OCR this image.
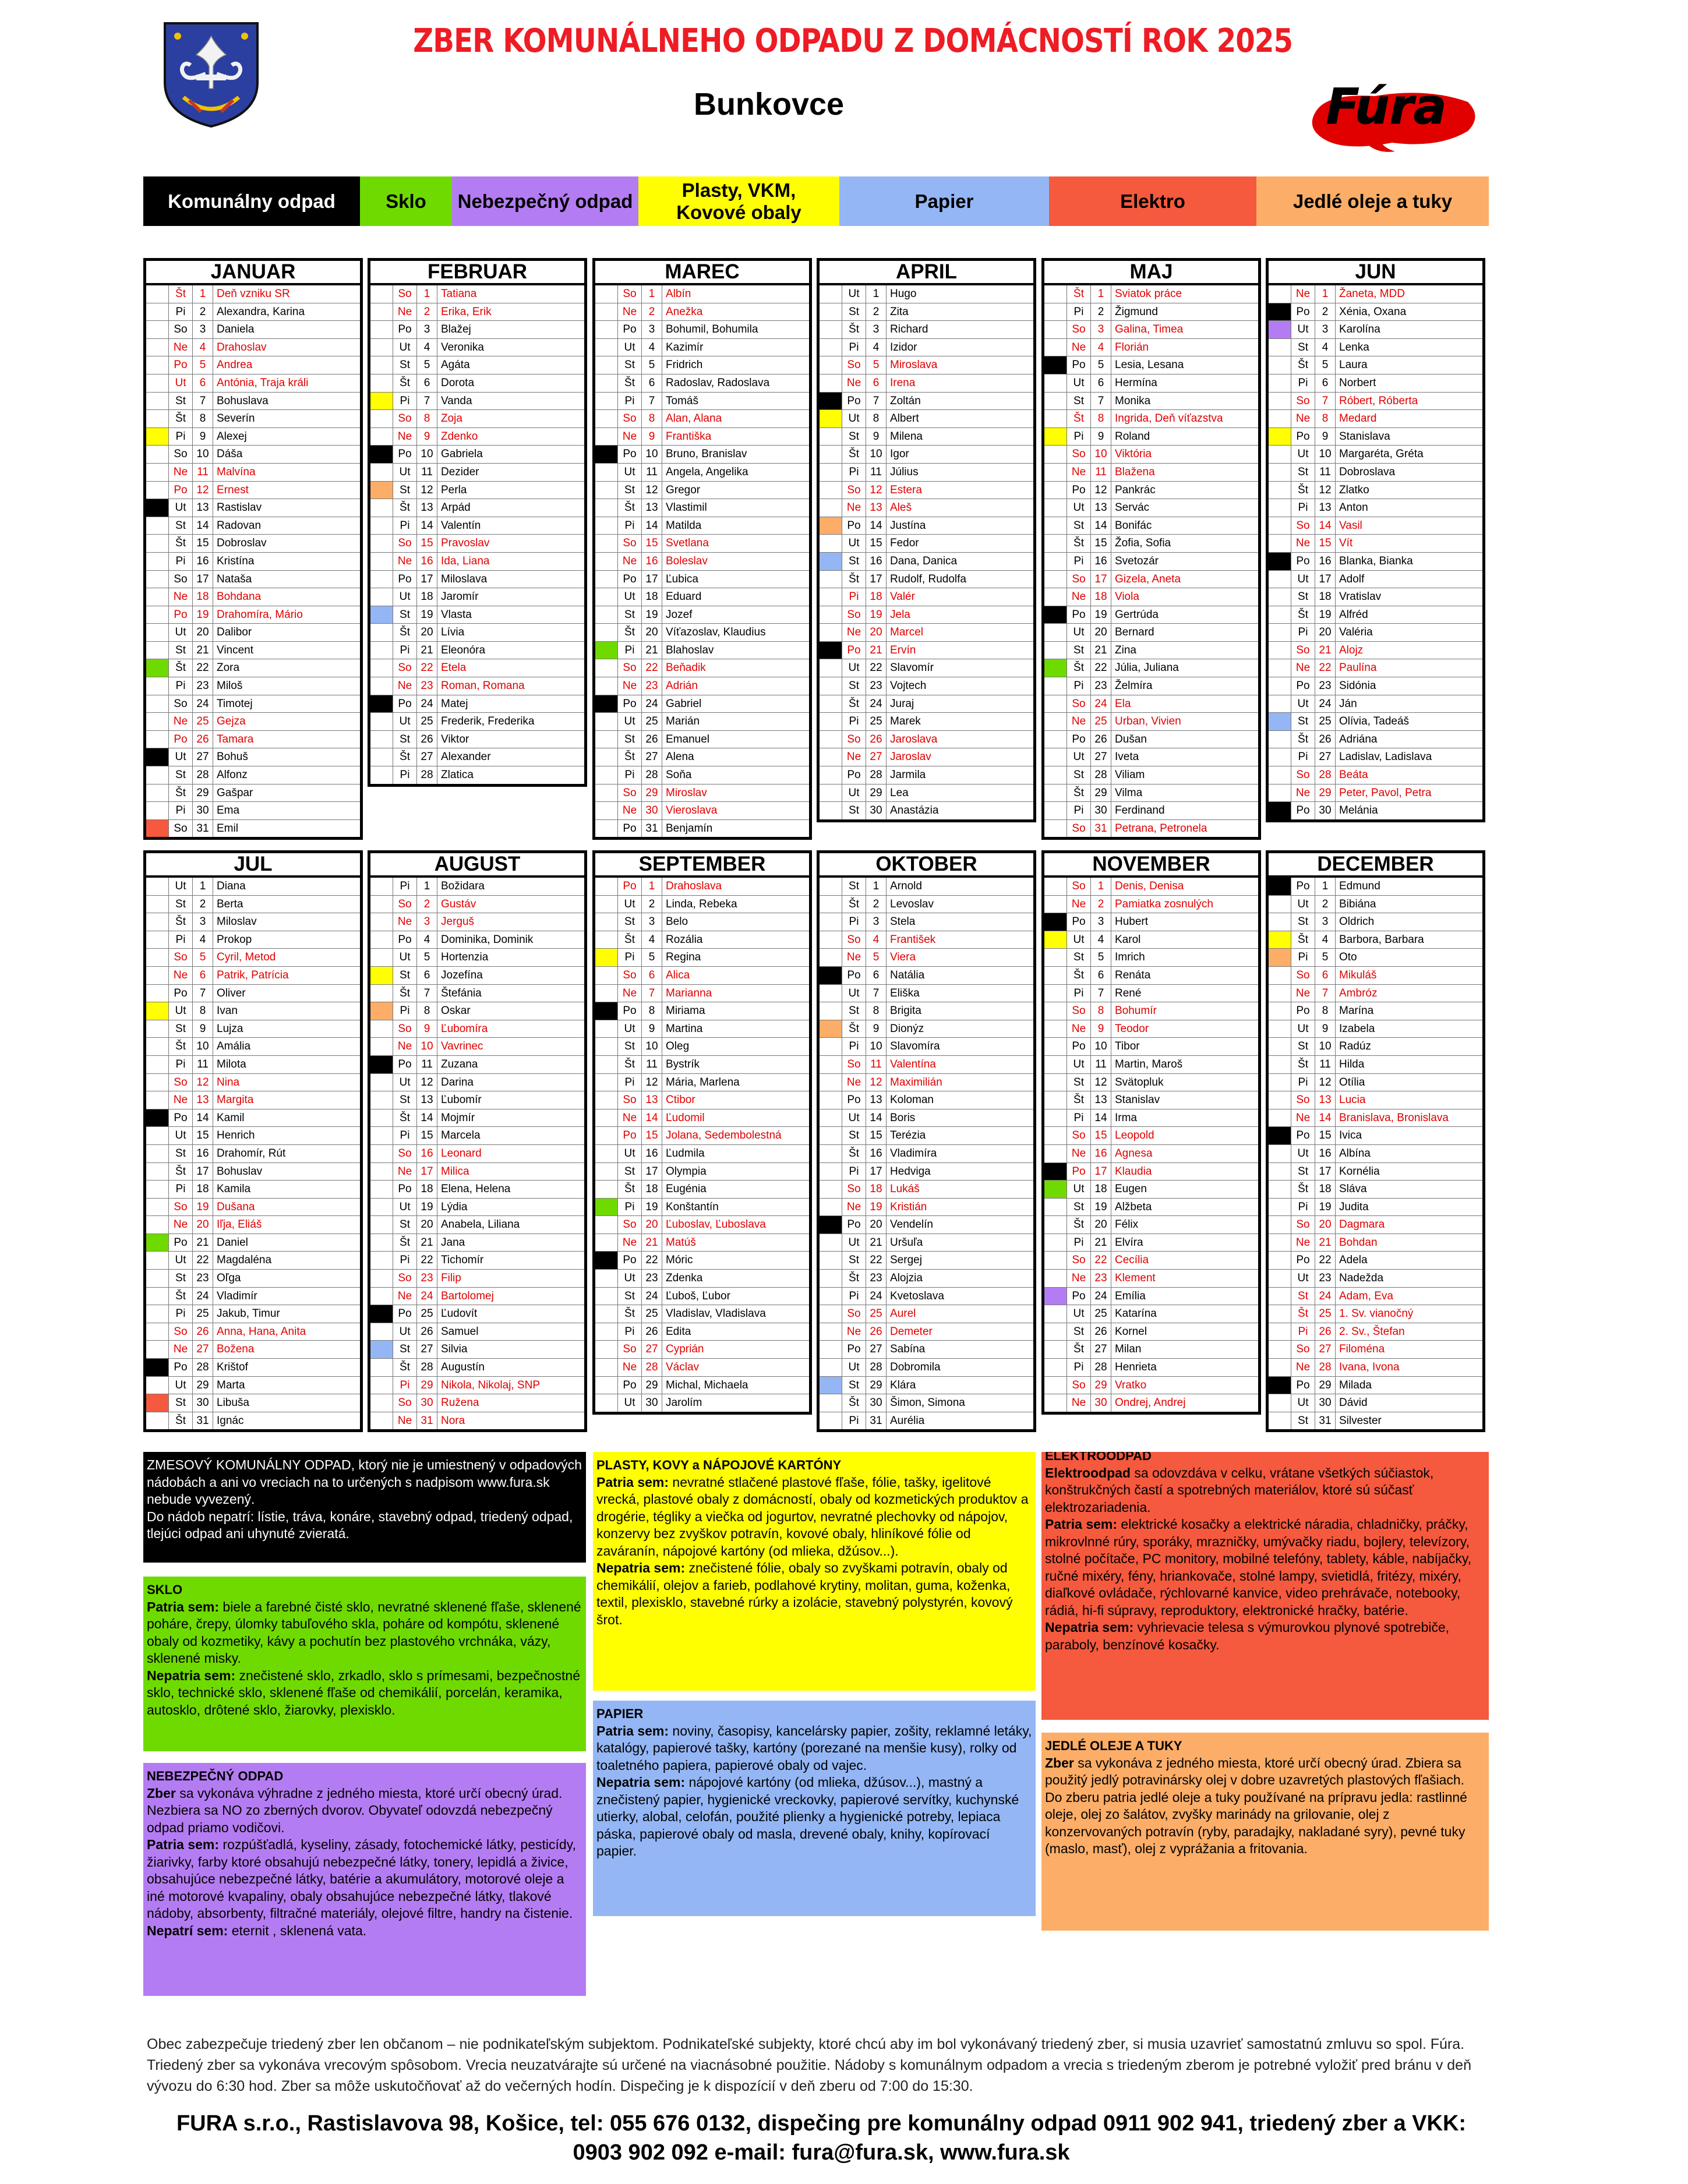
ZBER KOMUNÁLNEHO ODPADU Z DOMÁCNOSTÍ ROK 2025
Bunkovce	Fúra
Komunálny odpad	Sklo	Nebezpečný odpad
Plasty, VKM,
Kovové obaly
Papier	Elektro	Jedlé oleje a tuky
JANUAR
Št	1 Deň vzniku SR
Pi	2 Alexandra, Karina
So	3 Daniela
Ne	4 Drahoslav
Po	5 Andrea
Ut	6 Antónia, Traja králi
St	7 Bohuslava
Št	8 Severín
Pi	9 Alexej
So 10 Dáša
Ne 11 Malvína
Po 12 Ernest
Ut 13 Rastislav
St 14 Radovan
Št 15 Dobroslav
Pi 16 Kristína
So 17 Nataša
Ne 18 Bohdana
Po 19 Drahomíra, Mário
Ut 20 Dalibor
St 21 Vincent
Št 22 Zora
Pi 23 Miloš
So 24 Timotej
Ne 25 Gejza
Po 26 Tamara
Ut 27 Bohuš
St 28 Alfonz
Št 29 Gašpar
Pi 30 Ema
So 31 Emil
FEBRUAR
So	1 Tatiana
Ne	2 Erika, Erik
Po	3 Blažej
Ut	4 Veronika
St	5 Agáta
Št	6 Dorota
Pi	7 Vanda
So	8 Zoja
Ne	9 Zdenko
Po 10 Gabriela
Ut 11 Dezider
St 12 Perla
Št 13 Arpád
Pi 14 Valentín
So 15 Pravoslav
Ne 16 Ida, Liana
Po 17 Miloslava
Ut 18 Jaromír
St 19 Vlasta
Št 20 Lívia
Pi 21 Eleonóra
So 22 Etela
Ne 23 Roman, Romana
Po 24 Matej
Ut 25 Frederik, Frederika
St 26 Viktor
Št 27 Alexander
Pi 28 Zlatica
MAREC
So	1 Albín
Ne	2 Anežka
Po	3 Bohumil, Bohumila
Ut	4 Kazimír
St	5 Fridrich
Št	6 Radoslav, Radoslava
Pi	7 Tomáš
So	8 Alan, Alana
Ne	9 Františka
Po 10 Bruno, Branislav
Ut 11 Angela, Angelika
St 12 Gregor
Št 13 Vlastimil
Pi 14 Matilda
So 15 Svetlana
Ne 16 Boleslav
Po 17 Ľubica
Ut 18 Eduard
St 19 Jozef
Št 20 Víťazoslav, Klaudius
Pi 21 Blahoslav
So 22 Beňadik
Ne 23 Adrián
Po 24 Gabriel
Ut 25 Marián
St 26 Emanuel
Št 27 Alena
Pi 28 Soňa
So 29 Miroslav
Ne 30 Vieroslava
Po 31 Benjamín
APRIL
Ut	1 Hugo
St	2 Zita
Št	3 Richard
Pi	4 Izidor
So	5 Miroslava
Ne	6 Irena
Po	7 Zoltán
Ut	8 Albert
St	9 Milena
Št 10 Igor
Pi	11 Július
So 12 Estera
Ne 13 Aleš
Po 14 Justína
Ut 15 Fedor
St 16 Dana, Danica
Št 17 Rudolf, Rudolfa
Pi 18 Valér
So 19 Jela
Ne 20 Marcel
Po 21 Ervín
Ut 22 Slavomír
St 23 Vojtech
Št 24 Juraj
Pi 25 Marek
So 26 Jaroslava
Ne 27 Jaroslav
Po 28 Jarmila
Ut 29 Lea
St 30 Anastázia
MAJ
Št	1 Sviatok práce
Pi	2 Žigmund
So	3 Galina, Timea
Ne	4 Florián
Po	5 Lesia, Lesana
Ut	6 Hermína
St	7 Monika
Št	8 Ingrida, Deň víťazstva
Pi	9 Roland
So 10 Viktória
Ne 11 Blažena
Po 12 Pankrác
Ut 13 Servác
St 14 Bonifác
Št 15 Žofia, Sofia
Pi 16 Svetozár
So 17 Gizela, Aneta
Ne 18 Viola
Po 19 Gertrúda
Ut 20 Bernard
St 21 Zina
Št 22 Júlia, Juliana
Pi 23 Želmíra
So 24 Ela
Ne 25 Urban, Vivien
Po 26 Dušan
Ut 27 Iveta
St 28 Viliam
Št 29 Vilma
Pi 30 Ferdinand
So 31 Petrana, Petronela
JUN
Ne	1 Žaneta, MDD
Po	2 Xénia, Oxana
Ut	3 Karolína
St	4 Lenka
Št	5 Laura
Pi	6 Norbert
So	7 Róbert, Róberta
Ne	8 Medard
Po	9 Stanislava
Ut 10 Margaréta, Gréta
St	11 Dobroslava
Št 12 Zlatko
Pi 13 Anton
So 14 Vasil
Ne 15 Vít
Po 16 Blanka, Bianka
Ut 17 Adolf
St 18 Vratislav
Št 19 Alfréd
Pi 20 Valéria
So 21 Alojz
Ne 22 Paulína
Po 23 Sidónia
Ut 24 Ján
St 25 Olívia, Tadeáš
Št 26 Adriána
Pi 27 Ladislav, Ladislava
So 28 Beáta
Ne 29 Peter, Pavol, Petra
Po 30 Melánia
JUL
Ut	1 Diana
St	2 Berta
Št	3 Miloslav
Pi	4 Prokop
So	5 Cyril, Metod
Ne	6 Patrik, Patrícia
Po	7 Oliver
Ut	8 Ivan
St	9 Lujza
Št 10 Amália
Pi	11 Milota
So 12 Nina
Ne 13 Margita
Po 14 Kamil
Ut 15 Henrich
St 16 Drahomír, Rút
Št 17 Bohuslav
Pi 18 Kamila
So 19 Dušana
Ne 20 Iľja, Eliáš
Po 21 Daniel
Ut 22 Magdaléna
St 23 Oľga
Št 24 Vladimír
Pi 25 Jakub, Timur
So 26 Anna, Hana, Anita
Ne 27 Božena
Po 28 Krištof
Ut 29 Marta
St 30 Libuša
Št 31 Ignác
AUGUST
Pi	1 Božidara
So	2 Gustáv
Ne	3 Jerguš
Po	4 Dominika, Dominik
Ut	5 Hortenzia
St	6 Jozefína
Št	7 Štefánia
Pi	8 Oskar
So	9 Ľubomíra
Ne 10 Vavrinec
Po 11 Zuzana
Ut 12 Darina
St 13 Ľubomír
Št 14 Mojmír
Pi 15 Marcela
So 16 Leonard
Ne 17 Milica
Po 18 Elena, Helena
Ut 19 Lýdia
St 20 Anabela, Liliana
Št 21 Jana
Pi 22 Tichomír
So 23 Filip
Ne 24 Bartolomej
Po 25 Ľudovít
Ut 26 Samuel
St 27 Silvia
Št 28 Augustín
Pi 29 Nikola, Nikolaj, SNP
So 30 Ružena
Ne 31 Nora
SEPTEMBER
Po	1 Drahoslava
Ut	2 Linda, Rebeka
St	3 Belo
Št	4 Rozália
Pi	5 Regina
So	6 Alica
Ne	7 Marianna
Po	8 Miriama
Ut	9 Martina
St 10 Oleg
Št	11 Bystrík
Pi 12 Mária, Marlena
So 13 Ctibor
Ne 14 Ľudomil
Po 15 Jolana, Sedembolestná
Ut 16 Ľudmila
St 17 Olympia
Št 18 Eugénia
Pi 19 Konštantín
So 20 Ľuboslav, Ľuboslava
Ne 21 Matúš
Po 22 Móric
Ut 23 Zdenka
St 24 Ľuboš, Ľubor
Št 25 Vladislav, Vladislava
Pi 26 Edita
So 27 Cyprián
Ne 28 Václav
Po 29 Michal, Michaela
Ut 30 Jarolím
OKTOBER
St	1 Arnold
Št	2 Levoslav
Pi	3 Stela
So	4 František
Ne	5 Viera
Po	6 Natália
Ut	7 Eliška
St	8 Brigita
Št	9 Dionýz
Pi 10 Slavomíra
So 11 Valentína
Ne 12 Maximilián
Po 13 Koloman
Ut 14 Boris
St 15 Terézia
Št 16 Vladimíra
Pi 17 Hedviga
So 18 Lukáš
Ne 19 Kristián
Po 20 Vendelín
Ut 21 Uršuľa
St 22 Sergej
Št 23 Alojzia
Pi 24 Kvetoslava
So 25 Aurel
Ne 26 Demeter
Po 27 Sabína
Ut 28 Dobromila
St 29 Klára
Št 30 Šimon, Simona
Pi 31 Aurélia
NOVEMBER
So	1 Denis, Denisa
Ne	2 Pamiatka zosnulých
Po	3 Hubert
Ut	4 Karol
St	5 Imrich
Št	6 Renáta
Pi	7 René
So	8 Bohumír
Ne	9 Teodor
Po 10 Tibor
Ut 11 Martin, Maroš
St 12 Svätopluk
Št 13 Stanislav
Pi 14 Irma
So 15 Leopold
Ne 16 Agnesa
Po 17 Klaudia
Ut 18 Eugen
St 19 Alžbeta
Št 20 Félix
Pi 21 Elvíra
So 22 Cecília
Ne 23 Klement
Po 24 Emília
Ut 25 Katarína
St 26 Kornel
Št 27 Milan
Pi 28 Henrieta
So 29 Vratko
Ne 30 Ondrej, Andrej
DECEMBER
Po	1 Edmund
Ut	2 Bibiána
St	3 Oldrich
Št	4 Barbora, Barbara
Pi	5 Oto
So	6 Mikuláš
Ne	7 Ambróz
Po	8 Marína
Ut	9 Izabela
St 10 Radúz
Št	11 Hilda
Pi 12 Otília
So 13 Lucia
Ne 14 Branislava, Bronislava
Po 15 Ivica
Ut 16 Albína
St 17 Kornélia
Št 18 Sláva
Pi 19 Judita
So 20 Dagmara
Ne 21 Bohdan
Po 22 Adela
Ut 23 Nadežda
St 24 Adam, Eva
Št 25 1. Sv. vianočný
Pi 26 2. Sv., Štefan
So 27 Filoména
Ne 28 Ivana, Ivona
Po 29 Milada
Ut 30 Dávid
St 31 Silvester

ZMESOVÝ KOMUNÁLNY ODPAD, ktorý nie je umiestnený v odpadových nádobách a ani vo vreciach na to určených s nadpisom www.fura.sk nebude vyvezený.

Do nádob nepatrí: lístie, tráva, konáre, stavebný odpad, triedený odpad, tlejúci odpad ani uhynuté zvieratá.

SKLO

Patria sem: biele a farebné čisté sklo, nevratné sklenené fľaše, sklenené poháre, črepy, úlomky tabuľového skla, poháre od kompótu, sklenené obaly od kozmetiky, kávy a pochutín bez plastového vrchnáka, vázy, sklenené misky.

Nepatria sem: znečistené sklo, zrkadlo, sklo s prímesami, bezpečnostné sklo, technické sklo, sklenené fľaše od chemikálií, porcelán, keramika, autosklo, drôtené sklo, žiarovky, plexisklo.

NEBEZPEČNÝ ODPAD

Zber sa vykonáva výhradne z jedného miesta, ktoré určí obecný úrad. Nezbiera sa NO zo zberných dvorov. Obyvateľ odovzdá nebezpečný odpad priamo vodičovi.

Patria sem: rozpúšťadlá, kyseliny, zásady, fotochemické látky, pesticídy, žiarivky, farby ktoré obsahujú nebezpečné látky, tonery, lepidlá a živice, obsahujúce nebezpečné látky, batérie a akumulátory, motorové oleje a iné motorové kvapaliny, obaly obsahujúce nebezpečné látky, tlakové nádoby, absorbenty, filtračné materiály, olejové filtre, handry na čistenie.

Nepatrí sem: eternit , sklenená vata.

PLASTY, KOVY a NÁPOJOVÉ KARTÓNY

Patria sem: nevratné stlačené plastové fľaše, fólie, tašky, igelitové vrecká, plastové obaly z domácností, obaly od kozmetických produktov a drogérie, tégliky a viečka od jogurtov, nevratné plechovky od nápojov, konzervy bez zvyškov potravín, kovové obaly, hliníkové fólie od zaváranín, nápojové kartóny (od mlieka, džúsov...).

Nepatria sem: znečistené fólie, obaly so zvyškami potravín, obaly od chemikálií, olejov a farieb, podlahové krytiny, molitan, guma, koženka, textil, plexisklo, stavebné rúrky a izolácie, stavebný polystyrén, kovový šrot.

PAPIER

Patria sem: noviny, časopisy, kancelársky papier, zošity, reklamné letáky, katalógy, papierové tašky, kartóny (porezané na menšie kusy), rolky od toaletného papiera, papierové obaly od vajec.

Nepatria sem: nápojové kartóny (od mlieka, džúsov...), mastný a znečistený papier, hygienické vreckovky, papierové servítky, kuchynské utierky, alobal, celofán, použité plienky a hygienické potreby, lepiaca páska, papierové obaly od masla, drevené obaly, knihy, kopírovací papier.

ELEKTROODPAD

Elektroodpad sa odovzdáva v celku, vrátane všetkých súčiastok, konštrukčných častí a spotrebných materiálov, ktoré sú súčasť elektrozariadenia.

Patria sem: elektrické kosačky a elektrické náradia, chladničky, práčky, mikrovlnné rúry, sporáky, mrazničky, umývačky riadu, bojlery, televízory, stolné počítače, PC monitory, mobilné telefóny, tablety, káble, nabíjačky, ručné mixéry, fény, hriankovače, stolné lampy, svietidlá, fritézy, mixéry, diaľkové ovládače, rýchlovarné kanvice, video prehrávače, notebooky, rádiá, hi-fi súpravy, reproduktory, elektronické hračky, batérie.

Nepatria sem: vyhrievacie telesa s výmurovkou plynové spotrebiče, paraboly, benzínové kosačky.

JEDLÉ OLEJE A TUKY

Zber sa vykonáva z jedného miesta, ktoré určí obecný úrad. Zbiera sa použitý jedlý potravinársky olej v dobre uzavretých plastových fľašiach.

Do zberu patria jedlé oleje a tuky používané na prípravu jedla: rastlinné oleje, olej zo šalátov, zvyšky marinády na grilovanie, olej z konzervovaných potravín (ryby, paradajky, nakladané syry), pevné tuky (maslo, masť), olej z vyprážania a fritovania.

Obec zabezpečuje triedený zber len občanom – nie podnikateľským subjektom. Podnikateľské subjekty, ktoré chcú aby im bol vykonávaný triedený zber, si musia uzavrieť samostatnú zmluvu so spol. Fúra. Triedený zber sa vykonáva vrecovým spôsobom. Vrecia neuzatvárajte sú určené na viacnásobné použitie. Nádoby s komunálnym odpadom a vrecia s triedeným zberom je potrebné vyložiť pred bránu v deň vývozu do 6:30 hod. Zber sa môže uskutočňovať až do večerných hodín. Dispečing je k dispozícií v deň zberu od 7:00 do 15:30.
FURA s.r.o., Rastislavova 98, Košice, tel: 055 676 0132, dispečing pre komunálny odpad 0911 902 941, triedený zber a VKK:
0903 902 092 e-mail: fura@fura.sk, www.fura.sk
